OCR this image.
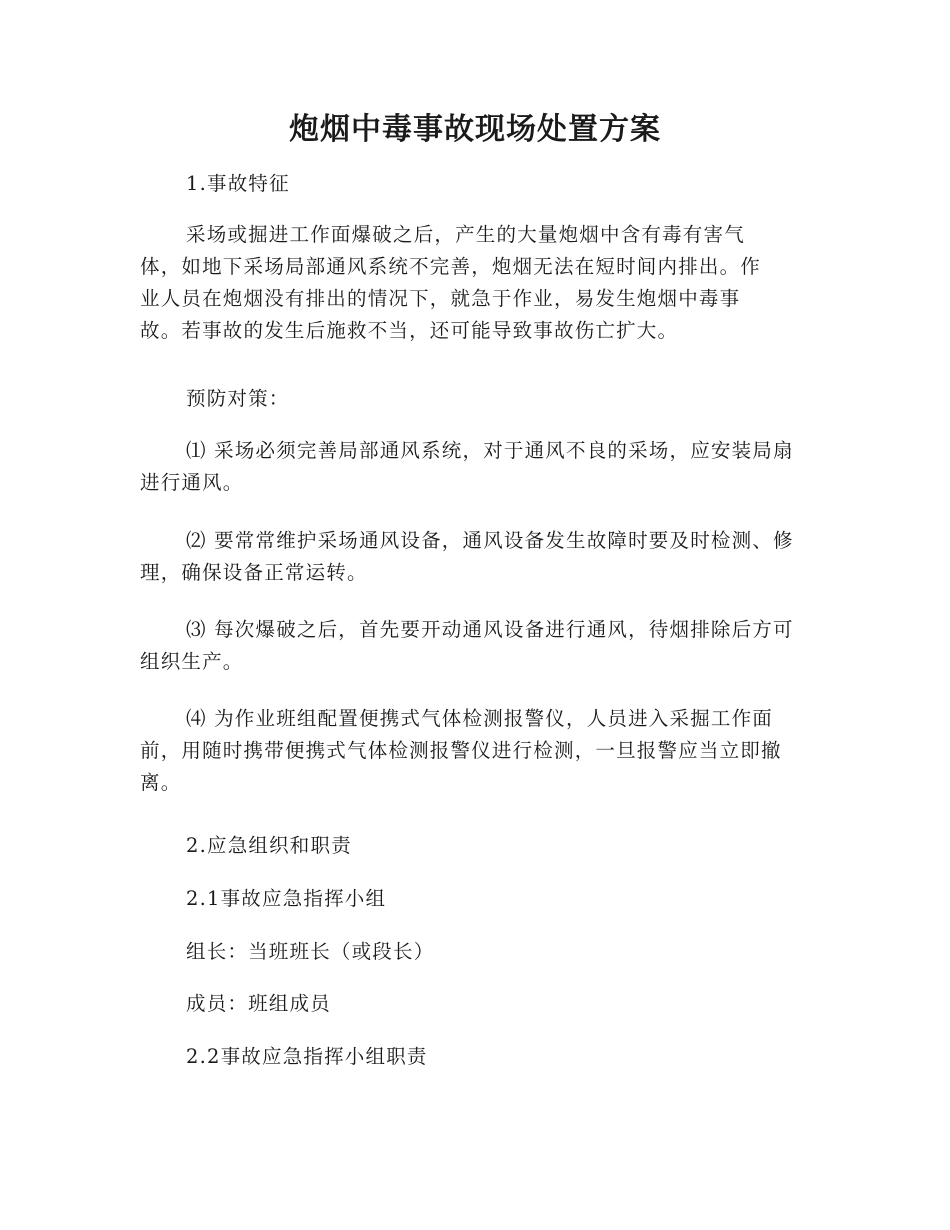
炮烟中毒事故现场处置方案

1.事故特征

采场或掘进工作面爆破之后，产生的大量炮烟中含有毒有害气体，如地下采场局部通风系统不完善，炮烟无法在短时间内排出。作业人员在炮烟没有排出的情况下，就急于作业，易发生炮烟中毒事故。若事故的发生后施救不当，还可能导致事故伤亡扩大。

预防对策：

⑴ 采场必须完善局部通风系统，对于通风不良的采场，应安装局扇进行通风。

⑵ 要常常维护采场通风设备，通风设备发生故障时要及时检测、修理，确保设备正常运转。

⑶ 每次爆破之后，首先要开动通风设备进行通风，待烟排除后方可组织生产。

⑷ 为作业班组配置便携式气体检测报警仪，人员进入采掘工作面前，用随时携带便携式气体检测报警仪进行检测，一旦报警应当立即撤离。

2.应急组织和职责

2.1事故应急指挥小组

组长：当班班长（或段长）

成员：班组成员

2.2事故应急指挥小组职责
